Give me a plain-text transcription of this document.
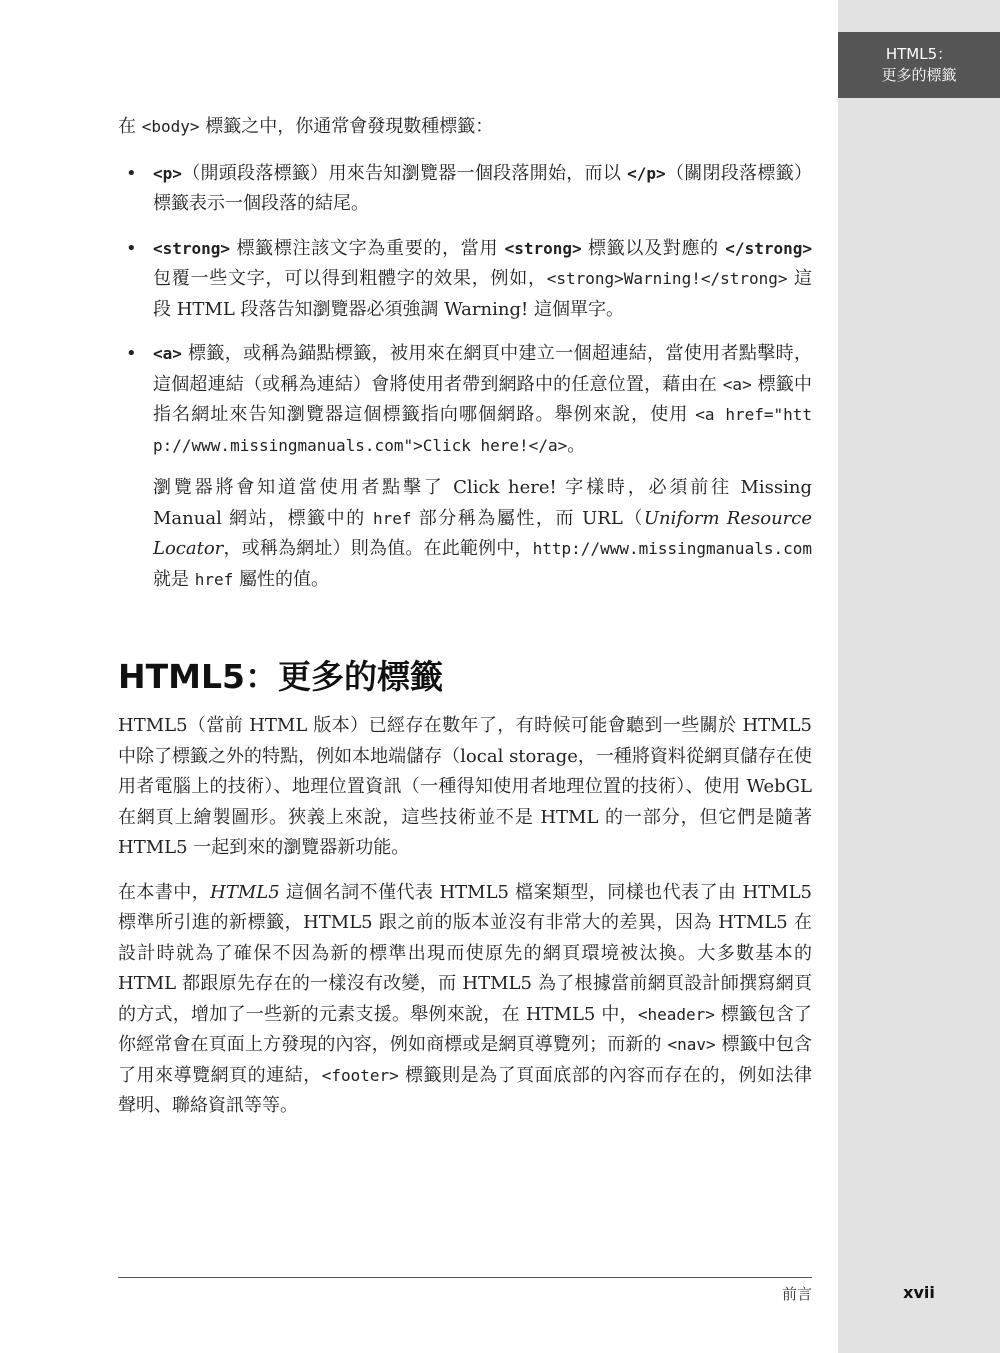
HTML5：
更多的標籤

在 <body> 標籤之中，你通常會發現數種標籤：

• <p>（開頭段落標籤）用來告知瀏覽器一個段落開始，而以 </p>（關閉段落標籤）標籤表示一個段落的結尾。
• <strong> 標籤標注該文字為重要的，當用 <strong> 標籤以及對應的 </strong> 包覆一些文字，可以得到粗體字的效果，例如，<strong>Warning!</strong> 這段 HTML 段落告知瀏覽器必須強調 Warning! 這個單字。
• <a> 標籤，或稱為錨點標籤，被用來在網頁中建立一個超連結，當使用者點擊時，這個超連結（或稱為連結）會將使用者帶到網路中的任意位置，藉由在 <a> 標籤中指名網址來告知瀏覽器這個標籤指向哪個網路。舉例來說，使用 <a href="http://www.missingmanuals.com">Click here!</a>。

瀏覽器將會知道當使用者點擊了 Click here! 字樣時，必須前往 Missing Manual 網站，標籤中的 href 部分稱為屬性，而 URL（Uniform Resource Locator，或稱為網址）則為值。在此範例中，http://www.missingmanuals.com 就是 href 屬性的值。

HTML5：更多的標籤

HTML5（當前 HTML 版本）已經存在數年了，有時候可能會聽到一些關於 HTML5 中除了標籤之外的特點，例如本地端儲存（local storage，一種將資料從網頁儲存在使用者電腦上的技術）、地理位置資訊（一種得知使用者地理位置的技術）、使用 WebGL 在網頁上繪製圖形。狹義上來說，這些技術並不是 HTML 的一部分，但它們是隨著 HTML5 一起到來的瀏覽器新功能。

在本書中，HTML5 這個名詞不僅代表 HTML5 檔案類型，同樣也代表了由 HTML5 標準所引進的新標籤，HTML5 跟之前的版本並沒有非常大的差異，因為 HTML5 在設計時就為了確保不因為新的標準出現而使原先的網頁環境被汰換。大多數基本的 HTML 都跟原先存在的一樣沒有改變，而 HTML5 為了根據當前網頁設計師撰寫網頁的方式，增加了一些新的元素支援。舉例來說，在 HTML5 中，<header> 標籤包含了你經常會在頁面上方發現的內容，例如商標或是網頁導覽列；而新的 <nav> 標籤中包含了用來導覽網頁的連結，<footer> 標籤則是為了頁面底部的內容而存在的，例如法律聲明、聯絡資訊等等。

前言	xvii
